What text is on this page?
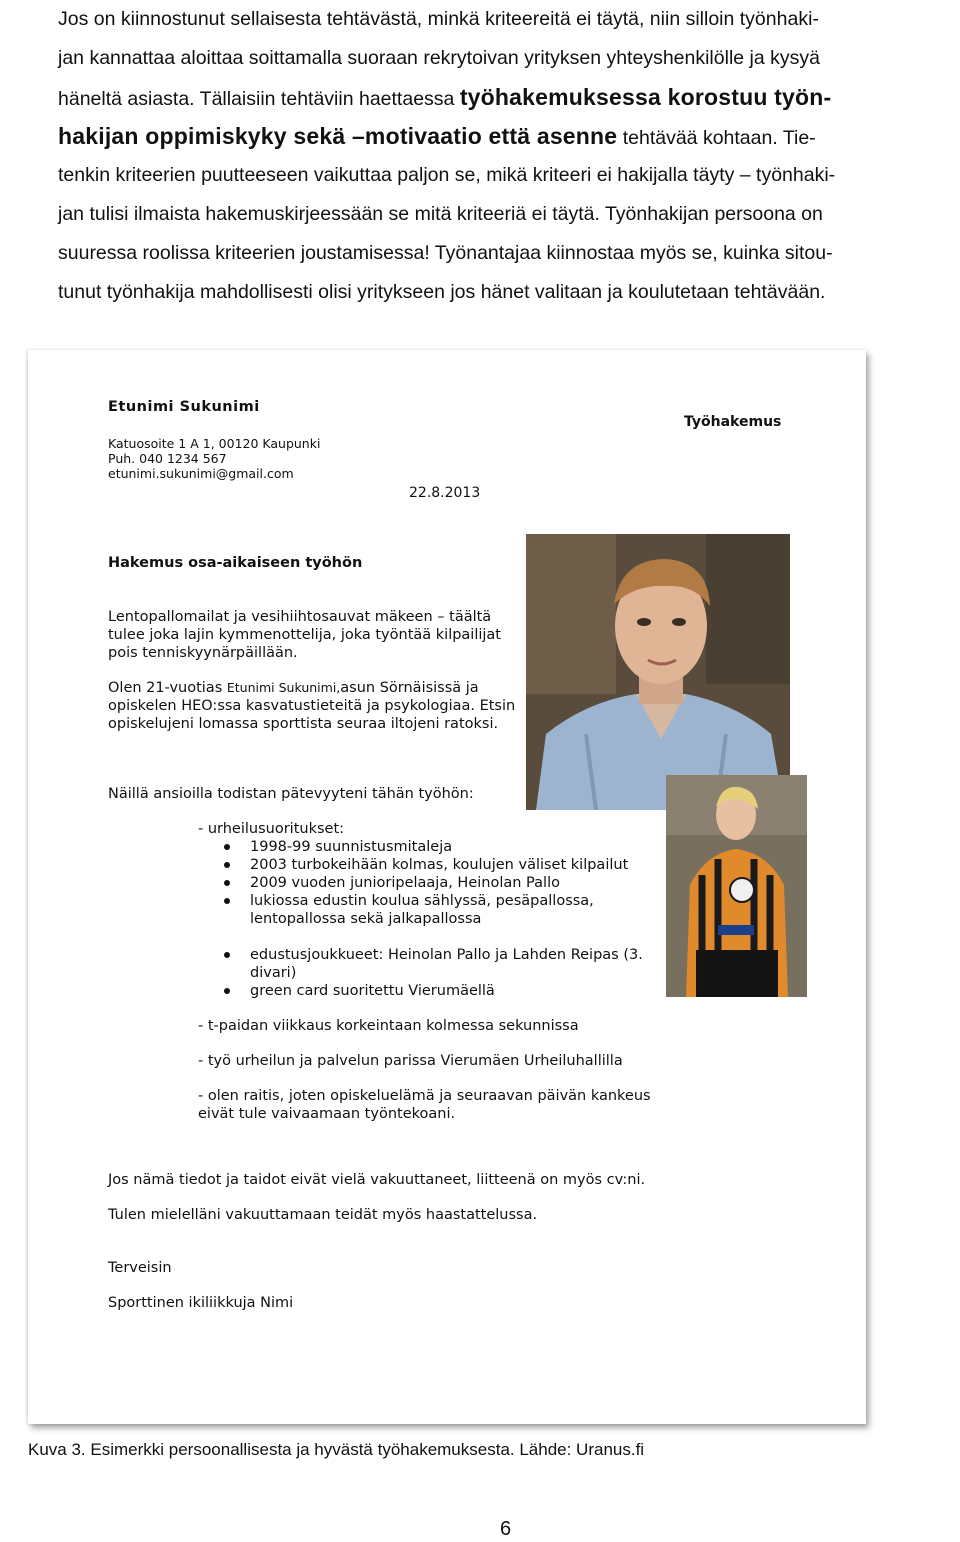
Jos on kiinnostunut sellaisesta tehtävästä, minkä kriteereitä ei täytä, niin silloin työnhaki-
jan kannattaa aloittaa soittamalla suoraan rekrytoivan yrityksen yhteyshenkilölle ja kysyä
häneltä asiasta. Tällaisiin tehtäviin haettaessa työhakemuksessa korostuu työn-
hakijan oppimiskyky sekä –motivaatio että asenne tehtävää kohtaan. Tie-
tenkin kriteerien puutteeseen vaikuttaa paljon se, mikä kriteeri ei hakijalla täyty – työnhaki-
jan tulisi ilmaista hakemuskirjeessään se mitä kriteeriä ei täytä. Työnhakijan persoona on
suuressa roolissa kriteerien joustamisessa! Työnantajaa kiinnostaa myös se, kuinka sitou-
tunut työnhakija mahdollisesti olisi yritykseen jos hänet valitaan ja koulutetaan tehtävään.
Etunimi Sukunimi
Katuosoite 1 A 1, 00120 Kaupunki
Puh. 040 1234 567
etunimi.sukunimi@gmail.com
Työhakemus
22.8.2013
Hakemus osa-aikaiseen työhön
Lentopallomailat ja vesihiihtosauvat mäkeen – täältä tulee joka lajin kymmenottelija, joka työntää kilpailijat pois tenniskyynärpäillään.
Olen 21-vuotias Etunimi Sukunimi,asun Sörnäisissä ja opiskelen HEO:ssa kasvatustieteitä ja psykologiaa. Etsin opiskelujeni lomassa sporttista seuraa iltojeni ratoksi.
Näillä ansioilla todistan pätevyyteni tähän työhön:
- urheilusuoritukset:
1998-99 suunnistusmitaleja
2003 turbokeihään kolmas, koulujen väliset kilpailut
2009 vuoden junioripelaaja, Heinolan Pallo
lukiossa edustin koulua sählyssä, pesäpallossa, lentopallossa sekä jalkapallossa
edustusjoukkueet: Heinolan Pallo ja Lahden Reipas (3. divari)
green card suoritettu Vierumäellä
- t-paidan viikkaus korkeintaan kolmessa sekunnissa
- työ urheilun ja palvelun parissa Vierumäen Urheiluhallilla
- olen raitis, joten opiskeluelämä ja seuraavan päivän kankeus eivät tule vaivaamaan työntekoani.
Jos nämä tiedot ja taidot eivät vielä vakuuttaneet, liitteenä on myös cv:ni.
Tulen mielelläni vakuuttamaan teidät myös haastattelussa.
Terveisin
Sporttinen ikiliikkuja Nimi
Kuva 3. Esimerkki persoonallisesta ja hyvästä työhakemuksesta. Lähde: Uranus.fi
6
